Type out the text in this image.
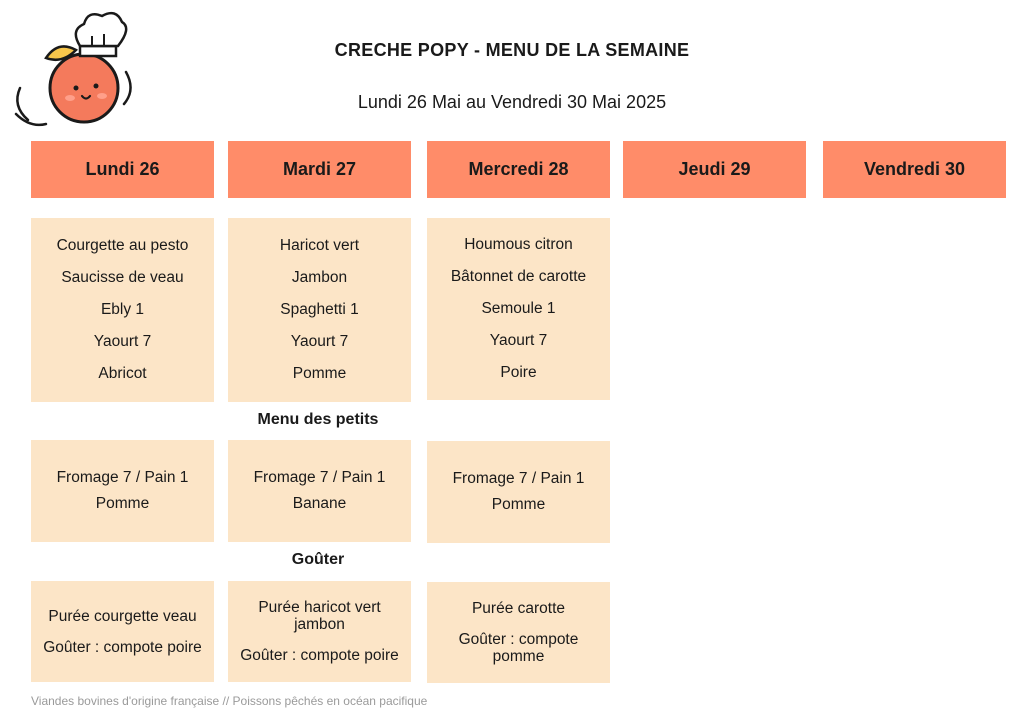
CRECHE POPY - MENU DE LA SEMAINE
Lundi 26 Mai au Vendredi 30 Mai 2025
Lundi 26	Mardi 27	Mercredi 28	Jeudi 29	Vendredi 30
Courgette au pesto
Saucisse de veau
Ebly 1
Yaourt 7
Abricot
Haricot vert
Jambon
Spaghetti 1
Yaourt 7
Pomme
Houmous citron
Bâtonnet de carotte
Semoule 1
Yaourt 7
Poire
Menu des petits
Fromage 7 / Pain 1
Pomme
Fromage 7 / Pain 1
Banane
Fromage 7 / Pain 1
Pomme
Goûter
Purée courgette veau
Goûter : compote poire
Purée haricot vert jambon
Goûter : compote poire
Purée carotte
Goûter : compote pomme
Viandes bovines d'origine française // Poissons pêchés en océan pacifique
